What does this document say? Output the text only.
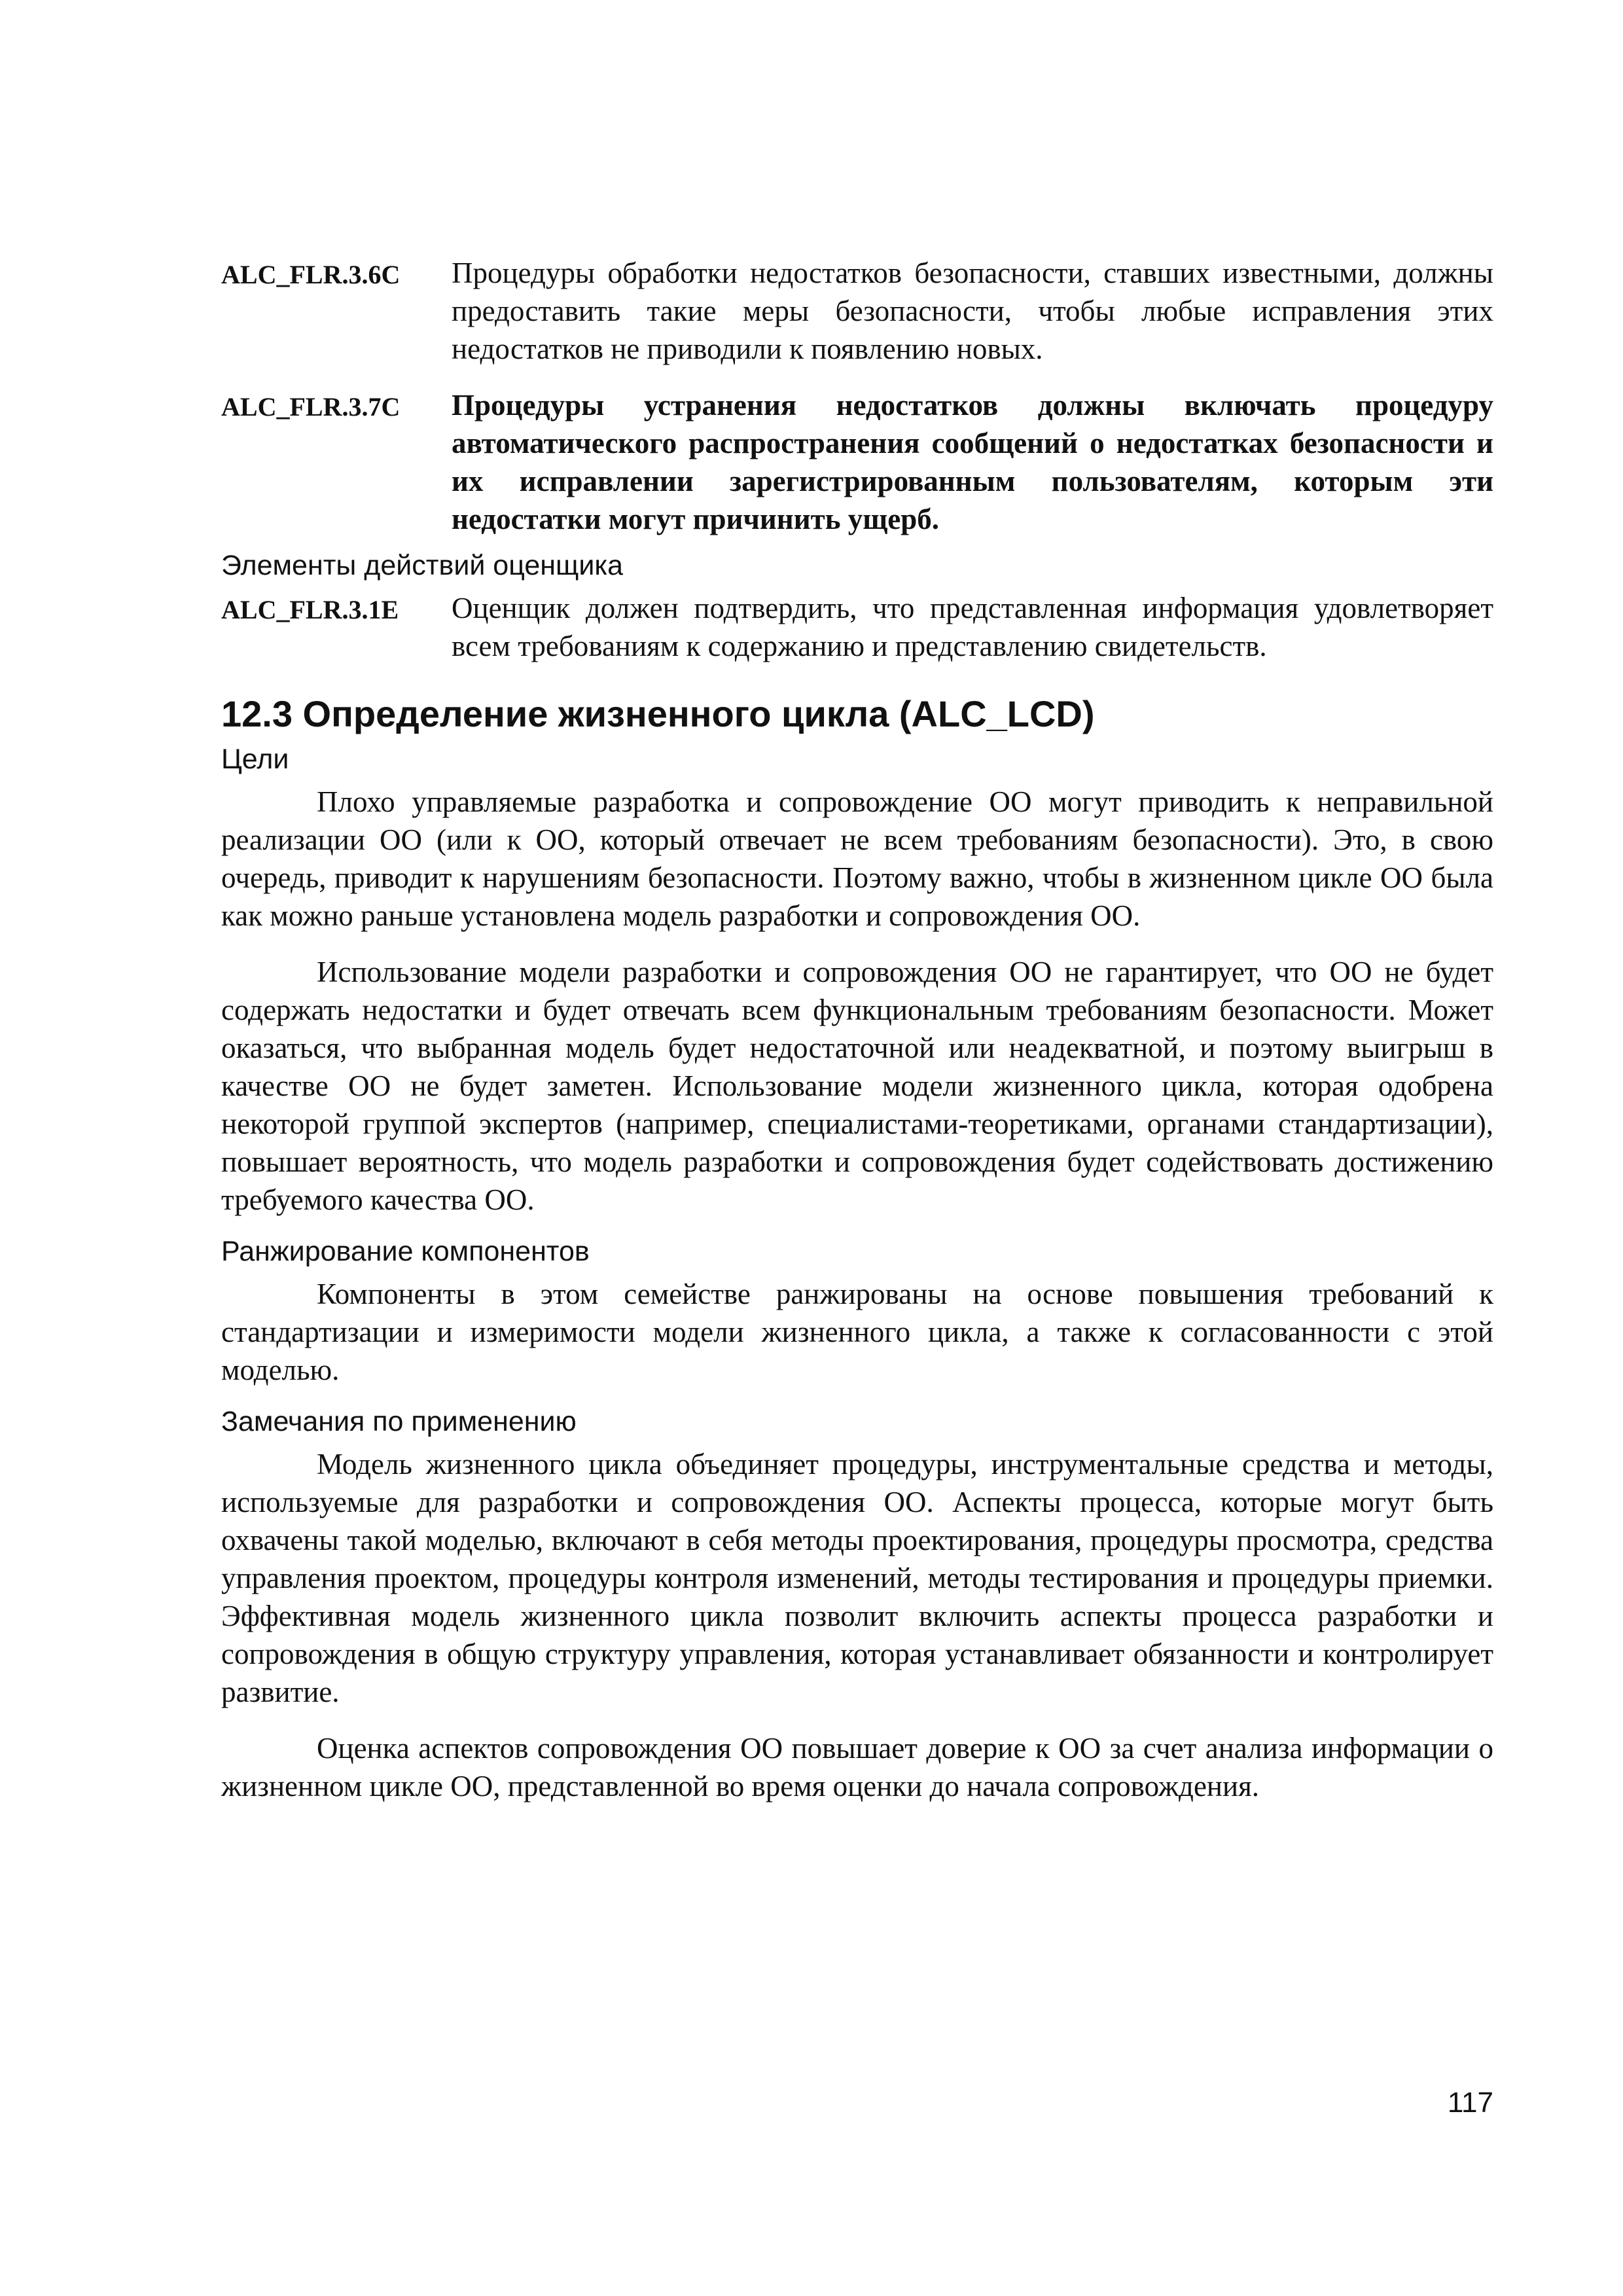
ALC_FLR.3.6C	Процедуры обработки недостатков безопасности, ставших известными, должны предоставить такие меры безопасности, чтобы любые исправления этих недостатков не приводили к появлению новых.
ALC_FLR.3.7C	Процедуры устранения недостатков должны включать процедуру автоматического распространения сообщений о недостатках безопасности и их исправлении зарегистрированным пользователям, которым эти недостатки могут причинить ущерб.
Элементы действий оценщика
ALC_FLR.3.1E	Оценщик должен подтвердить, что представленная информация удовлетворяет всем требованиям к содержанию и представлению свидетельств.
12.3 Определение жизненного цикла (ALC_LCD)
Цели

Плохо управляемые разработка и сопровождение ОО могут приводить к неправильной реализации ОО (или к ОО, который отвечает не всем требованиям безопасности). Это, в свою очередь, приводит к нарушениям безопасности. Поэтому важно, чтобы в жизненном цикле ОО была как можно раньше установлена модель разработки и сопровождения ОО.

Использование модели разработки и сопровождения ОО не гарантирует, что ОО не будет содержать недостатки и будет отвечать всем функциональным требованиям безопасности. Может оказаться, что выбранная модель будет недостаточной или неадекватной, и поэтому выигрыш в качестве ОО не будет заметен. Использование модели жизненного цикла, которая одобрена некоторой группой экспертов (например, специалистами-теоретиками, органами стандартизации), повышает вероятность, что модель разработки и сопровождения будет содействовать достижению требуемого качества ОО.

Ранжирование компонентов

Компоненты в этом семействе ранжированы на основе повышения требований к стандартизации и измеримости модели жизненного цикла, а также к согласованности с этой моделью.

Замечания по применению

Модель жизненного цикла объединяет процедуры, инструментальные средства и методы, используемые для разработки и сопровождения ОО. Аспекты процесса, которые могут быть охвачены такой моделью, включают в себя методы проектирования, процедуры просмотра, средства управления проектом, процедуры контроля изменений, методы тестирования и процедуры приемки. Эффективная модель жизненного цикла позволит включить аспекты процесса разработки и сопровождения в общую структуру управления, которая устанавливает обязанности и контролирует развитие.

Оценка аспектов сопровождения ОО повышает доверие к ОО за счет анализа информации о жизненном цикле ОО, представленной во время оценки до начала сопровождения.

117
